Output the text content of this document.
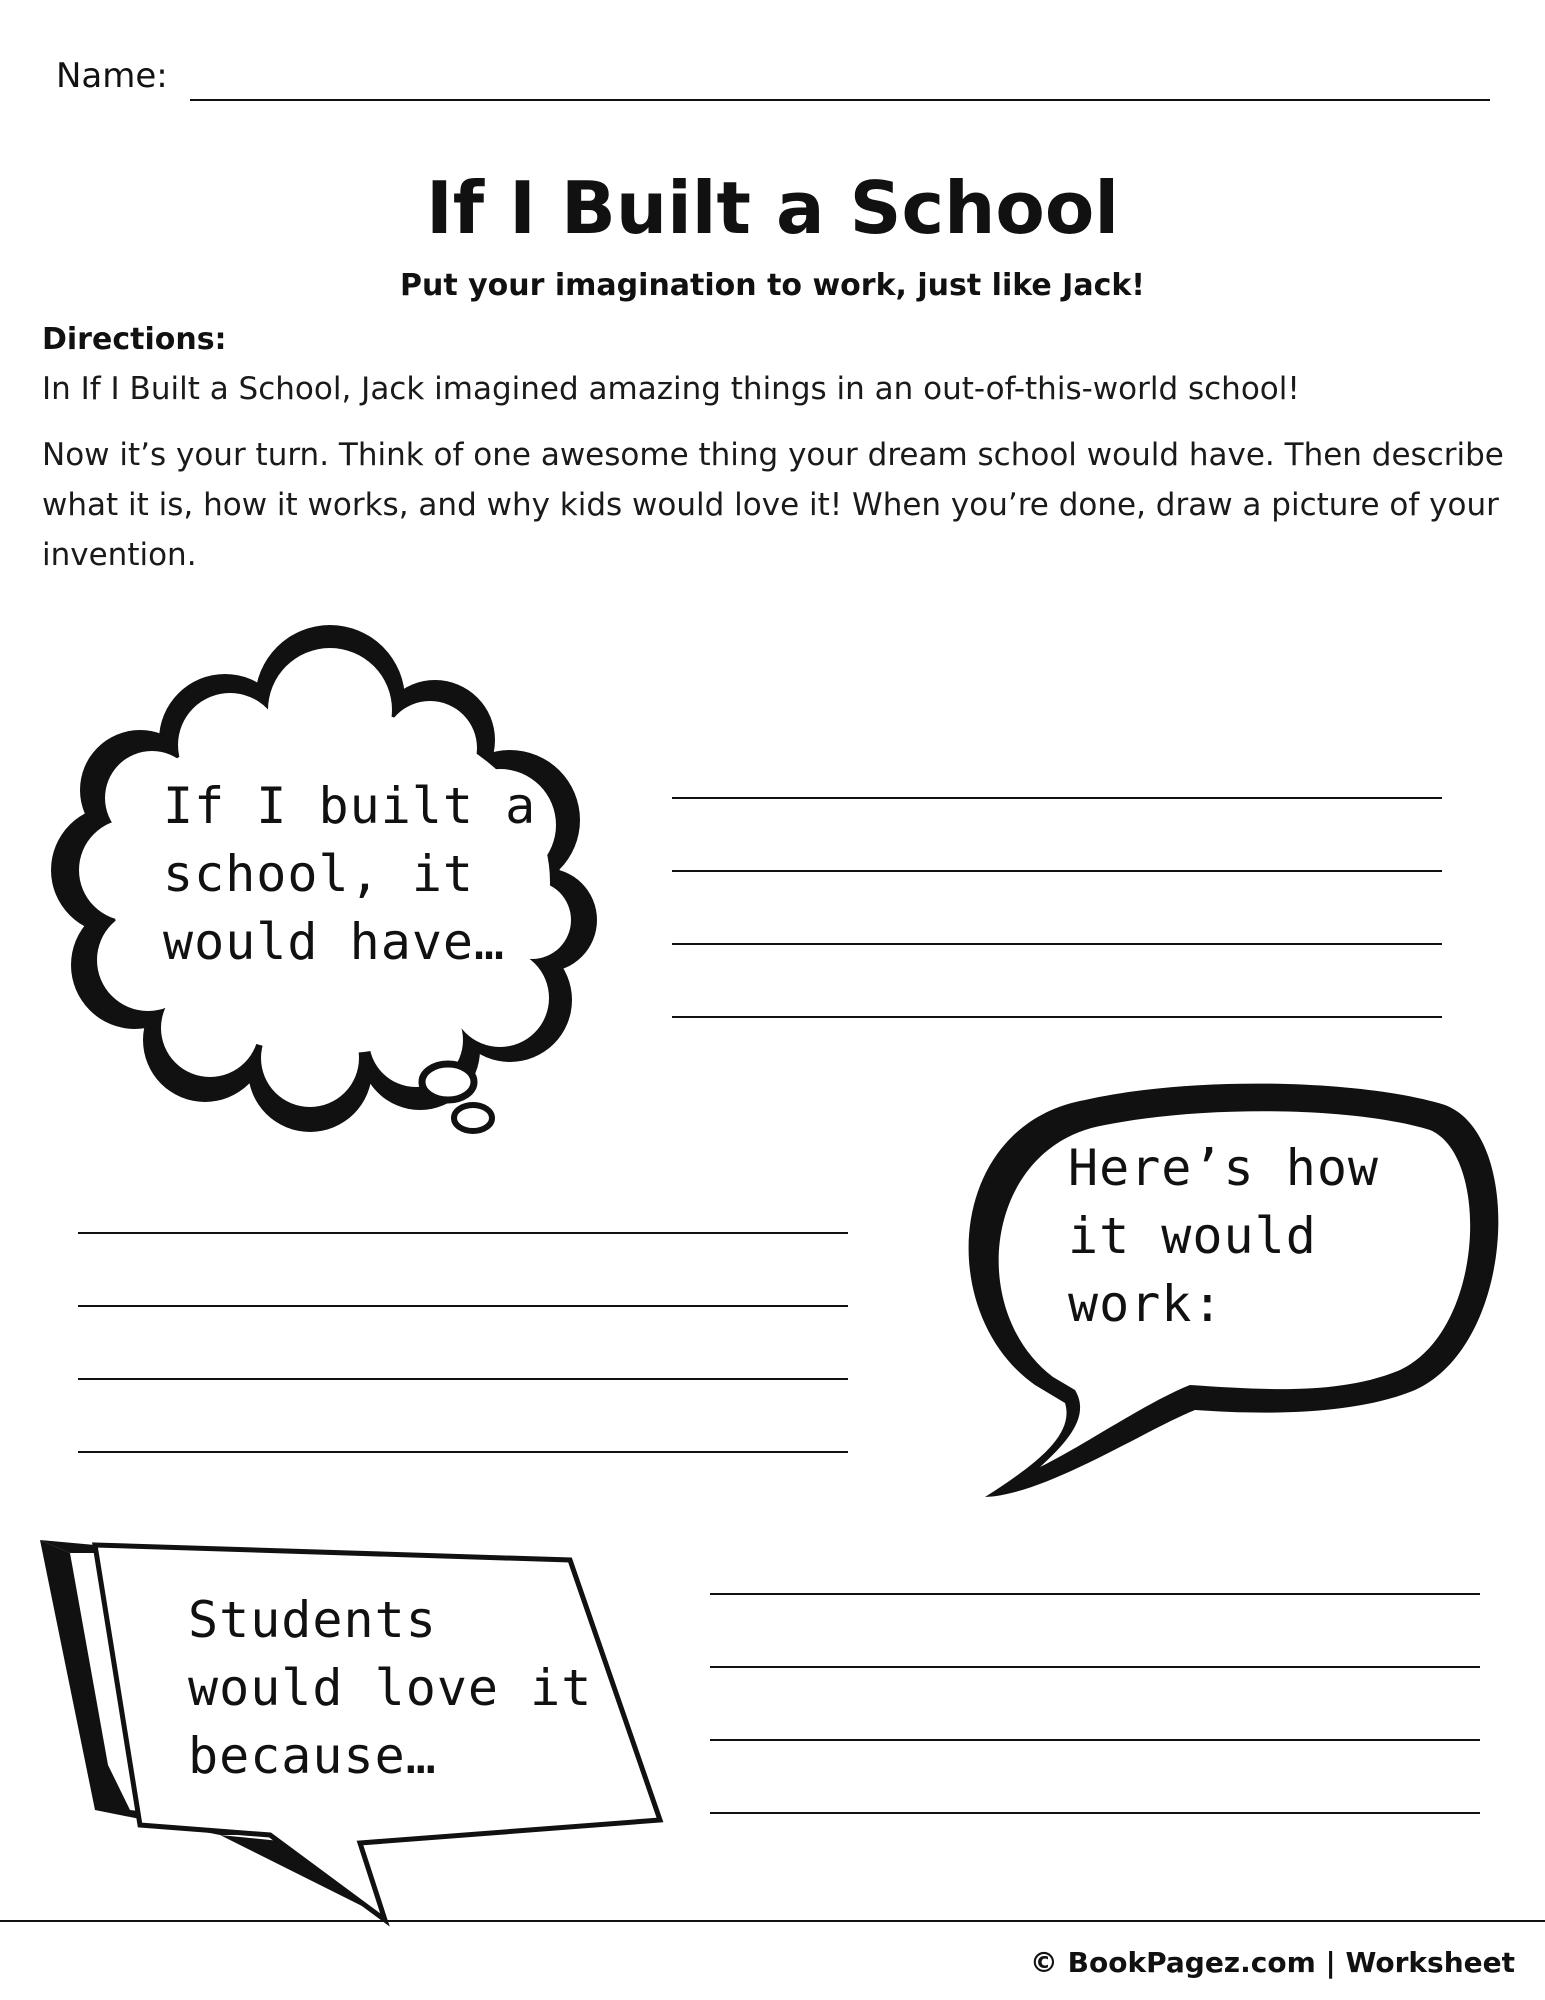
Name:
If I Built a School
Put your imagination to work, just like Jack!
Directions:
In If I Built a School, Jack imagined amazing things in an out-of-this-world school!
Now it’s your turn. Think of one awesome thing your dream school would have. Then describe what it is, how it works, and why kids would love it! When you’re done, draw a picture of your invention.
If I built a
school, it
would have…
Here’s how
it would
work:
Students
would love it
because…
© BookPagez.com | Worksheet
